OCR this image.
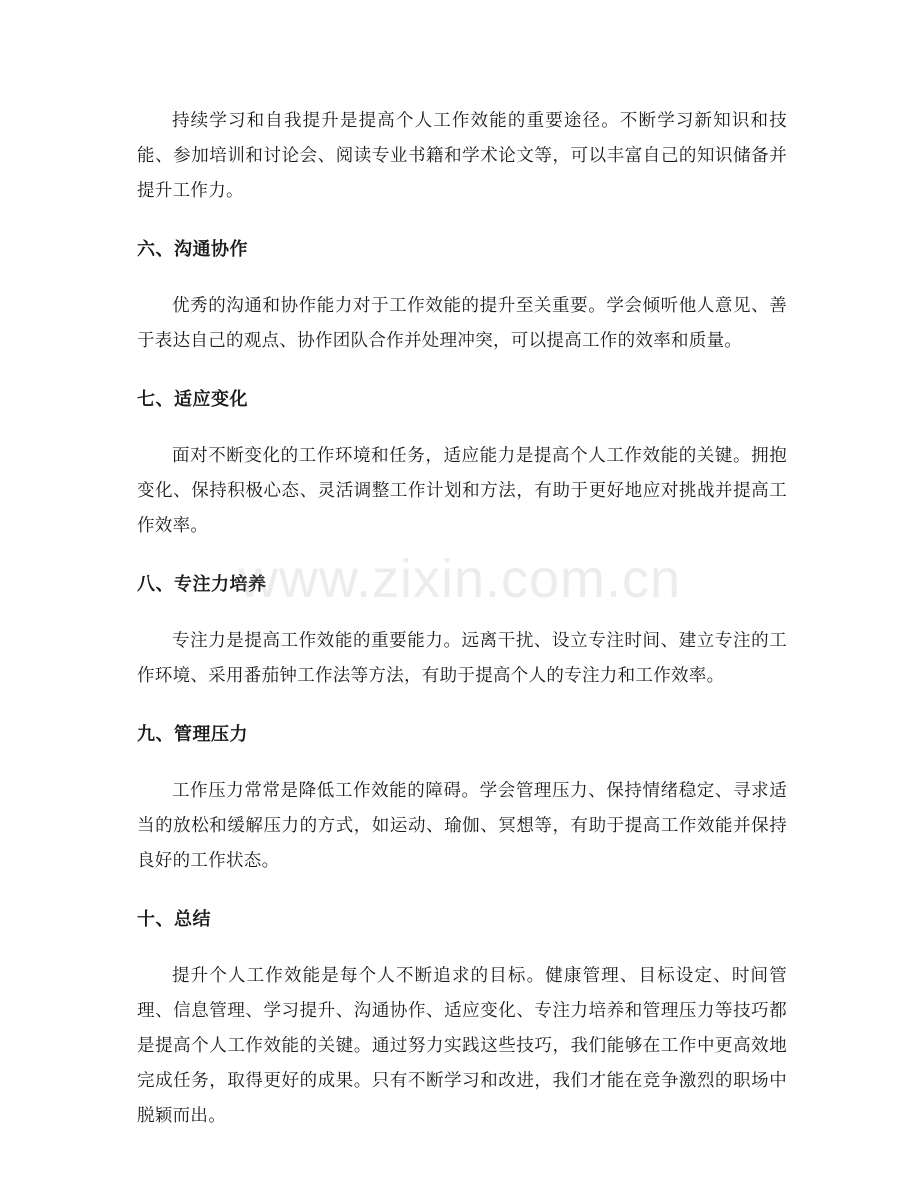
持续学习和自我提升是提高个人工作效能的重要途径。不断学习新知识和技能、参加培训和讨论会、阅读专业书籍和学术论文等，可以丰富自己的知识储备并提升工作力。

六、沟通协作

优秀的沟通和协作能力对于工作效能的提升至关重要。学会倾听他人意见、善于表达自己的观点、协作团队合作并处理冲突，可以提高工作的效率和质量。

七、适应变化

面对不断变化的工作环境和任务，适应能力是提高个人工作效能的关键。拥抱变化、保持积极心态、灵活调整工作计划和方法，有助于更好地应对挑战并提高工作效率。

八、专注力培养

专注力是提高工作效能的重要能力。远离干扰、设立专注时间、建立专注的工作环境、采用番茄钟工作法等方法，有助于提高个人的专注力和工作效率。

九、管理压力

工作压力常常是降低工作效能的障碍。学会管理压力、保持情绪稳定、寻求适当的放松和缓解压力的方式，如运动、瑜伽、冥想等，有助于提高工作效能并保持良好的工作状态。

十、总结

提升个人工作效能是每个人不断追求的目标。健康管理、目标设定、时间管理、信息管理、学习提升、沟通协作、适应变化、专注力培养和管理压力等技巧都是提高个人工作效能的关键。通过努力实践这些技巧，我们能够在工作中更高效地完成任务，取得更好的成果。只有不断学习和改进，我们才能在竞争激烈的职场中脱颖而出。

www.zixin.com.cn
